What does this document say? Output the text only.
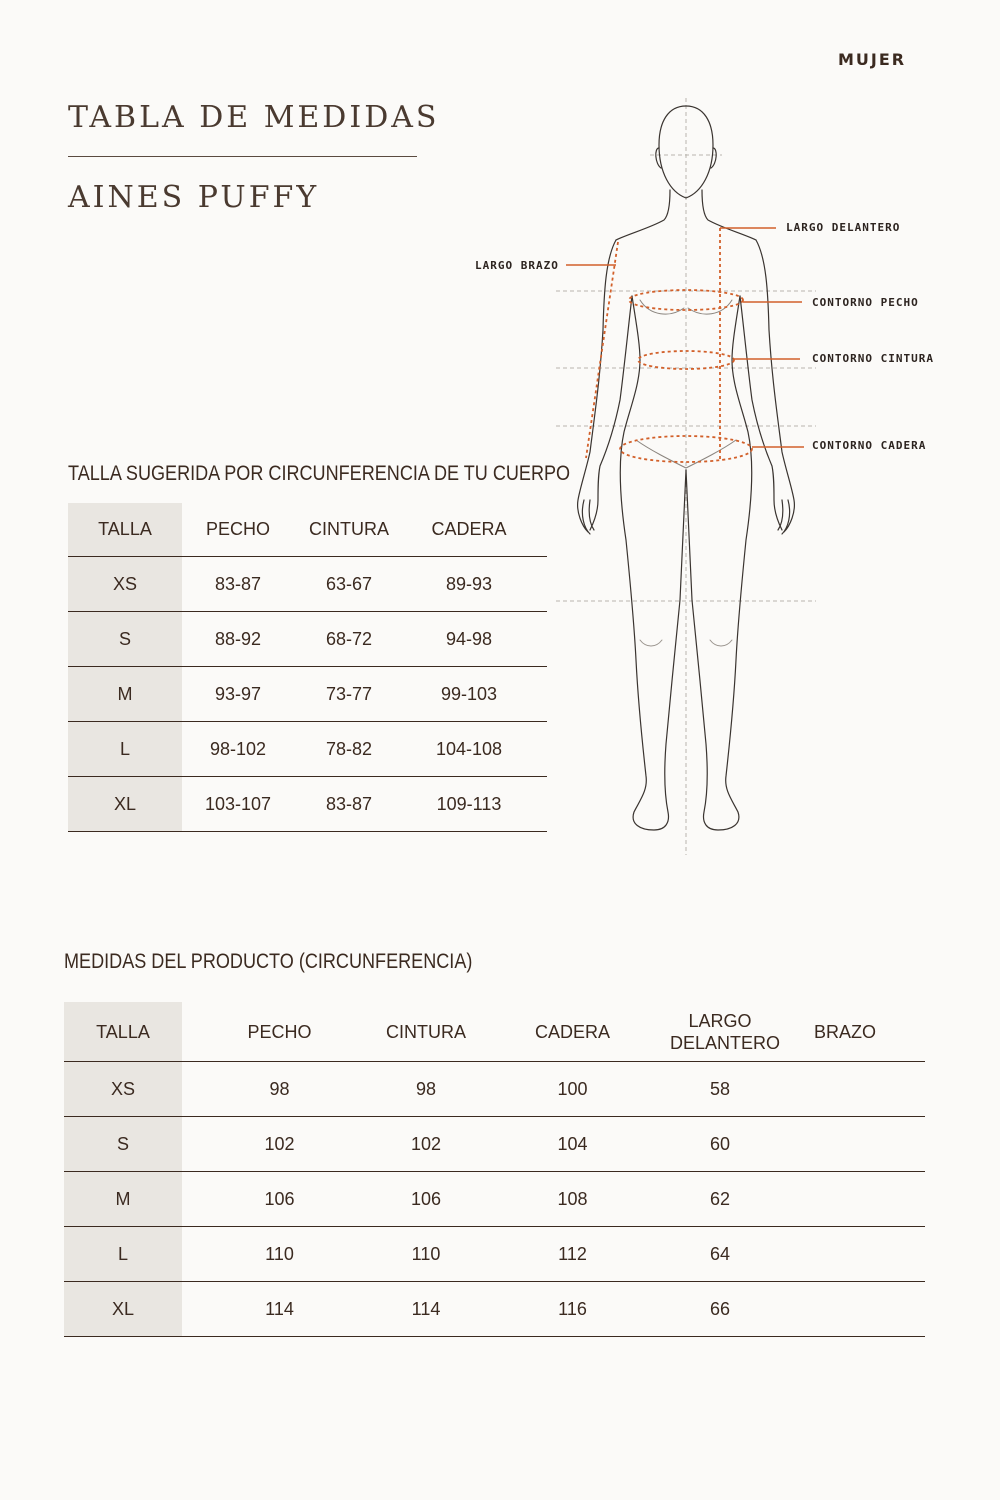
MUJER
TABLA DE MEDIDAS
AINES PUFFY
LARGO DELANTERO
LARGO BRAZO
CONTORNO PECHO
CONTORNO CINTURA
CONTORNO CADERA
TALLA SUGERIDA POR CIRCUNFERENCIA DE TU CUERPO
TALLA	PECHO	CINTURA	CADERA	
XS	83-87	63-67	89-93	
S	88-92	68-72	94-98	
M	93-97	73-77	99-103	
L	98-102	78-82	104-108	
XL	103-107	83-87	109-113	
MEDIDAS DEL PRODUCTO (CIRCUNFERENCIA)
TALLA	PECHO	CINTURA	CADERA	LARGO DELANTERO	BRAZO	
XS	98	98	100	58		
S	102	102	104	60		
M	106	106	108	62		
L	110	110	112	64		
XL	114	114	116	66		
